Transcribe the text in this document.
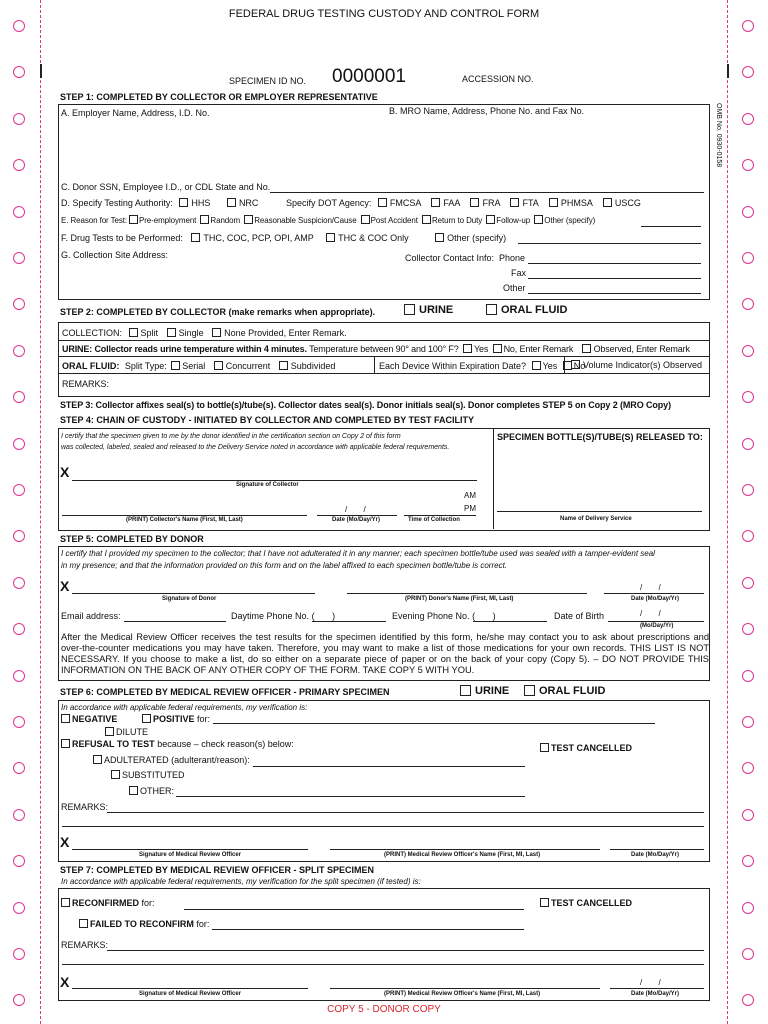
FEDERAL DRUG TESTING CUSTODY AND CONTROL FORM
SPECIMEN ID NO. 0000001	ACCESSION NO.
OMB No. 0930-0158
STEP 1: COMPLETED BY COLLECTOR OR EMPLOYER REPRESENTATIVE
A. Employer Name, Address, I.D. No.	B. MRO Name, Address, Phone No. and Fax No.
C. Donor SSN, Employee I.D., or CDL State and No.
D. Specify Testing Authority: HHS	NRC	Specify DOT Agency: FMCSA	FAA	FRA	FTA	PHMSA	USCG
E. Reason for Test: Pre-employment Random Reasonable Suspicion/Cause Post Accident Return to Duty Follow-up Other (specify)
F. Drug Tests to be Performed: THC, COC, PCP, OPI, AMP	THC & COC Only	Other (specify)
G. Collection Site Address:	Collector Contact Info: Phone
Fax
Other
STEP 2: COMPLETED BY COLLECTOR (make remarks when appropriate).	URINE	ORAL FLUID
COLLECTION: Split Single None Provided, Enter Remark.
URINE: Collector reads urine temperature within 4 minutes. Temperature between 90° and 100° F? Yes No, Enter Remark Observed, Enter Remark
ORAL FLUID: Split Type: Serial Concurrent Subdivided	Each Device Within Expiration Date? Yes No
Volume Indicator(s) Observed
REMARKS:
STEP 3: Collector affixes seal(s) to bottle(s)/tube(s). Collector dates seal(s). Donor initials seal(s). Donor completes STEP 5 on Copy 2 (MRO Copy)
STEP 4: CHAIN OF CUSTODY - INITIATED BY COLLECTOR AND COMPLETED BY TEST FACILITY
I certify that the specimen given to me by the donor identified in the certification section on Copy 2 of this form
was collected, labeled, sealed and released to the Delivery Service noted in accordance with applicable federal requirements.
SPECIMEN BOTTLE(S)/TUBE(S) RELEASED TO:
X
Signature of Collector
AM
PM
/ /
(PRINT) Collector's Name (First, MI, Last)	Date (Mo/Day/Yr)	Time of Collection	Name of Delivery Service
STEP 5: COMPLETED BY DONOR
I certify that I provided my specimen to the collector; that I have not adulterated it in any manner; each specimen bottle/tube used was sealed with a tamper-evident seal
in my presence; and that the information provided on this form and on the label affixed to each specimen bottle/tube is correct.
X	/ /
Signature of Donor	(PRINT) Donor's Name (First, MI, Last)	Date (Mo/Day/Yr)
Email address:	Daytime Phone No. (       )	Evening Phone No. (       )	Date of Birth	/ /
(Mo/Day/Yr)
After the Medical Review Officer receives the test results for the specimen identified by this form, he/she may contact you to ask about prescriptions and over-the-counter medications you may have taken. Therefore, you may want to make a list of those medications for your own records. THIS LIST IS NOT NECESSARY. If you choose to make a list, do so either on a separate piece of paper or on the back of your copy (Copy 5). – DO NOT PROVIDE THIS INFORMATION ON THE BACK OF ANY OTHER COPY OF THE FORM. TAKE COPY 5 WITH YOU.
STEP 6: COMPLETED BY MEDICAL REVIEW OFFICER - PRIMARY SPECIMEN	URINE	ORAL FLUID
In accordance with applicable federal requirements, my verification is:
NEGATIVE	POSITIVE for:
DILUTE
REFUSAL TO TEST because – check reason(s) below:	TEST CANCELLED
ADULTERATED (adulterant/reason):
SUBSTITUTED
OTHER:
REMARKS:
X
Signature of Medical Review Officer	(PRINT) Medical Review Officer's Name (First, MI, Last)	Date (Mo/Day/Yr)
STEP 7: COMPLETED BY MEDICAL REVIEW OFFICER - SPLIT SPECIMEN
In accordance with applicable federal requirements, my verification for the split specimen (if tested) is:
RECONFIRMED for:	TEST CANCELLED
FAILED TO RECONFIRM for:
REMARKS:
X	/ /
Signature of Medical Review Officer	(PRINT) Medical Review Officer's Name (First, MI, Last)	Date (Mo/Day/Yr)
COPY 5 - DONOR COPY
